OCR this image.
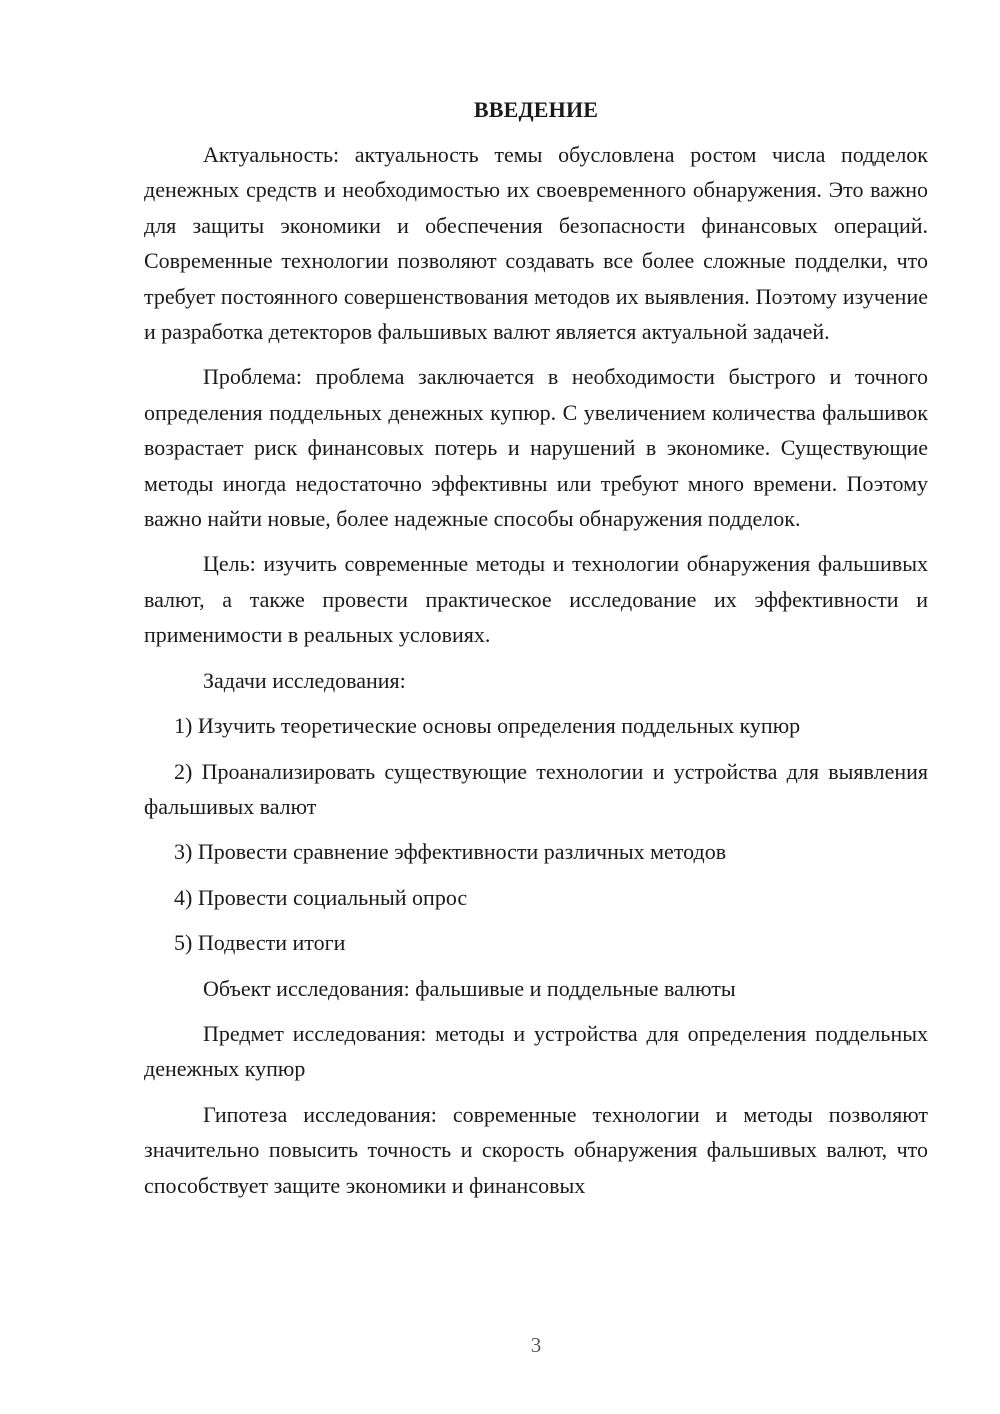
ВВЕДЕНИЕ

Актуальность: актуальность темы обусловлена ростом числа подделок денежных средств и необходимостью их своевременного обнаружения. Это важно для защиты экономики и обеспечения безопасности финансовых операций. Современные технологии позволяют создавать все более сложные подделки, что требует постоянного совершенствования методов их выявления. Поэтому изучение и разработка детекторов фальшивых валют является актуальной задачей.

Проблема: проблема заключается в необходимости быстрого и точного определения поддельных денежных купюр. С увеличением количества фальшивок возрастает риск финансовых потерь и нарушений в экономике. Существующие методы иногда недостаточно эффективны или требуют много времени. Поэтому важно найти новые, более надежные способы обнаружения подделок.

Цель: изучить современные методы и технологии обнаружения фальшивых валют, а также провести практическое исследование их эффективности и применимости в реальных условиях.

Задачи исследования:

1) Изучить теоретические основы определения поддельных купюр

2) Проанализировать существующие технологии и устройства для выявления фальшивых валют

3) Провести сравнение эффективности различных методов

4) Провести социальный опрос

5) Подвести итоги

Объект исследования: фальшивые и поддельные валюты

Предмет исследования: методы и устройства для определения поддельных денежных купюр

Гипотеза исследования: современные технологии и методы позволяют значительно повысить точность и скорость обнаружения фальшивых валют, что способствует защите экономики и финансовых

3
